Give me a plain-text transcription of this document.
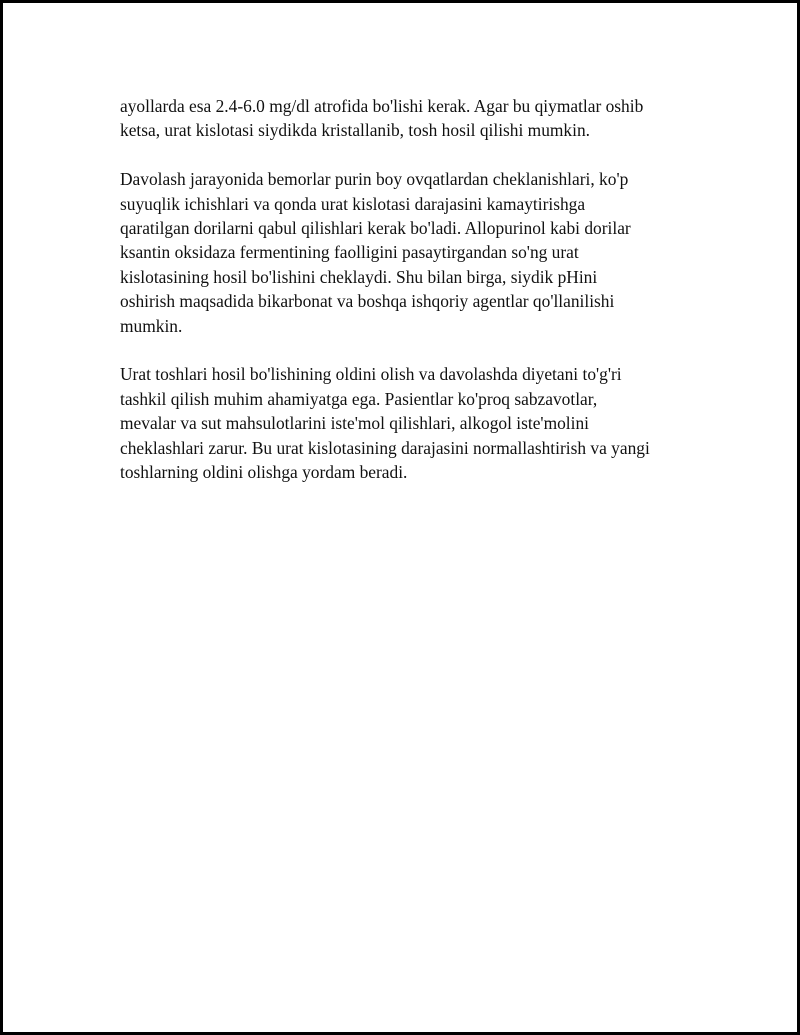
ayollarda esa 2.4-6.0 mg/dl atrofida bo'lishi kerak. Agar bu qiymatlar oshib
ketsa, urat kislotasi siydikda kristallanib, tosh hosil qilishi mumkin.

Davolash jarayonida bemorlar purin boy ovqatlardan cheklanishlari, ko'p
suyuqlik ichishlari va qonda urat kislotasi darajasini kamaytirishga
qaratilgan dorilarni qabul qilishlari kerak bo'ladi. Allopurinol kabi dorilar
ksantin oksidaza fermentining faolligini pasaytirgandan so'ng urat
kislotasining hosil bo'lishini cheklaydi. Shu bilan birga, siydik pHini
oshirish maqsadida bikarbonat va boshqa ishqoriy agentlar qo'llanilishi
mumkin.

Urat toshlari hosil bo'lishining oldini olish va davolashda diyetani to'g'ri
tashkil qilish muhim ahamiyatga ega. Pasientlar ko'proq sabzavotlar,
mevalar va sut mahsulotlarini iste'mol qilishlari, alkogol iste'molini
cheklashlari zarur. Bu urat kislotasining darajasini normallashtirish va yangi
toshlarning oldini olishga yordam beradi.
